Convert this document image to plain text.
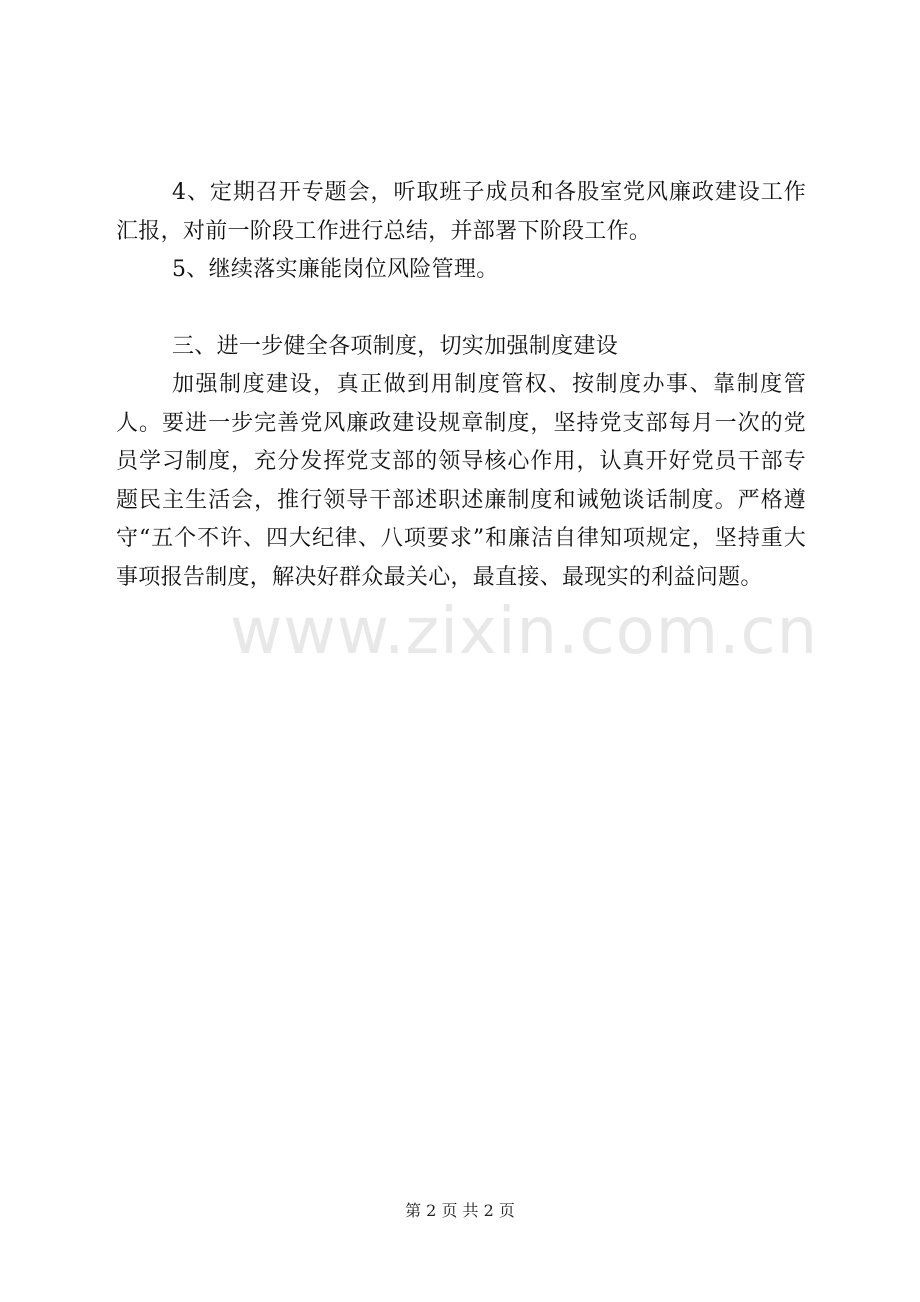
4、定期召开专题会，听取班子成员和各股室党风廉政建设工作汇报，对前一阶段工作进行总结，并部署下阶段工作。

5、继续落实廉能岗位风险管理。

三、进一步健全各项制度，切实加强制度建设

加强制度建设，真正做到用制度管权、按制度办事、靠制度管人。要进一步完善党风廉政建设规章制度，坚持党支部每月一次的党员学习制度，充分发挥党支部的领导核心作用，认真开好党员干部专题民主生活会，推行领导干部述职述廉制度和诫勉谈话制度。严格遵守“五个不许、四大纪律、八项要求”和廉洁自律知项规定，坚持重大事项报告制度，解决好群众最关心，最直接、最现实的利益问题。

www.zixin.com.cn
第 2 页 共 2 页
